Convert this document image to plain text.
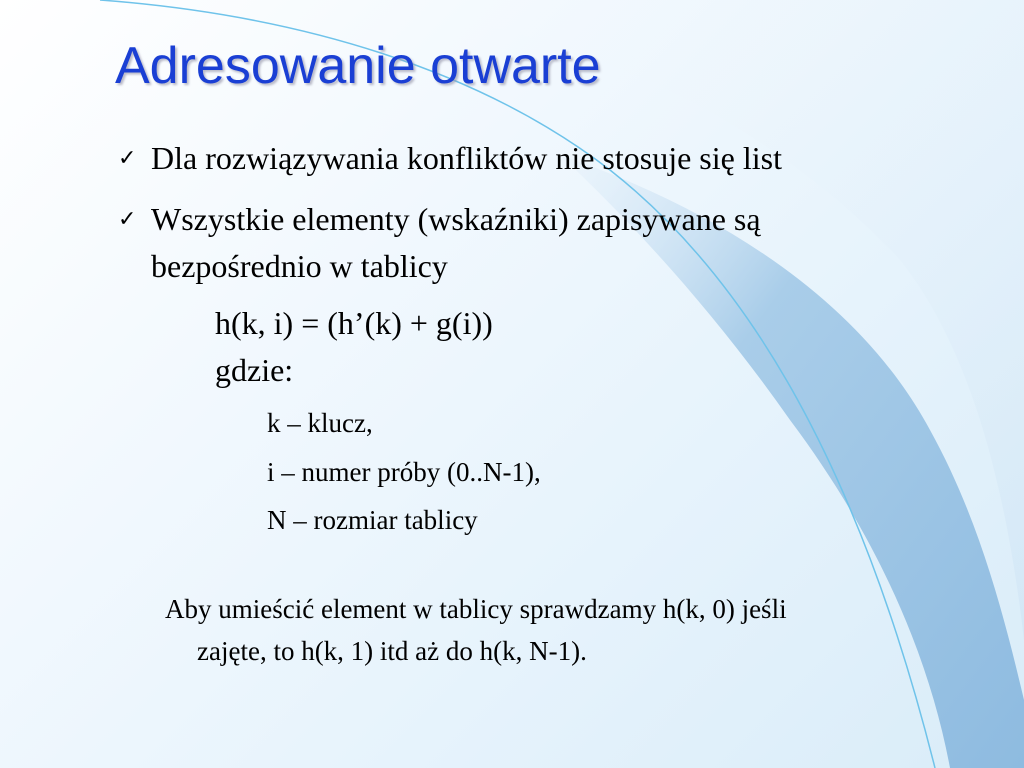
Adresowanie otwarte
✓ Dla rozwiązywania konfliktów nie stosuje się list
✓ Wszystkie elementy (wskaźniki) zapisywane są
bezpośrednio w tablicy
h(k, i) = (h’(k) + g(i))
gdzie:
k – klucz,
i – numer próby (0..N-1),
N – rozmiar tablicy
Aby umieścić element w tablicy sprawdzamy h(k, 0) jeśli
zajęte, to h(k, 1) itd aż do h(k, N-1).
